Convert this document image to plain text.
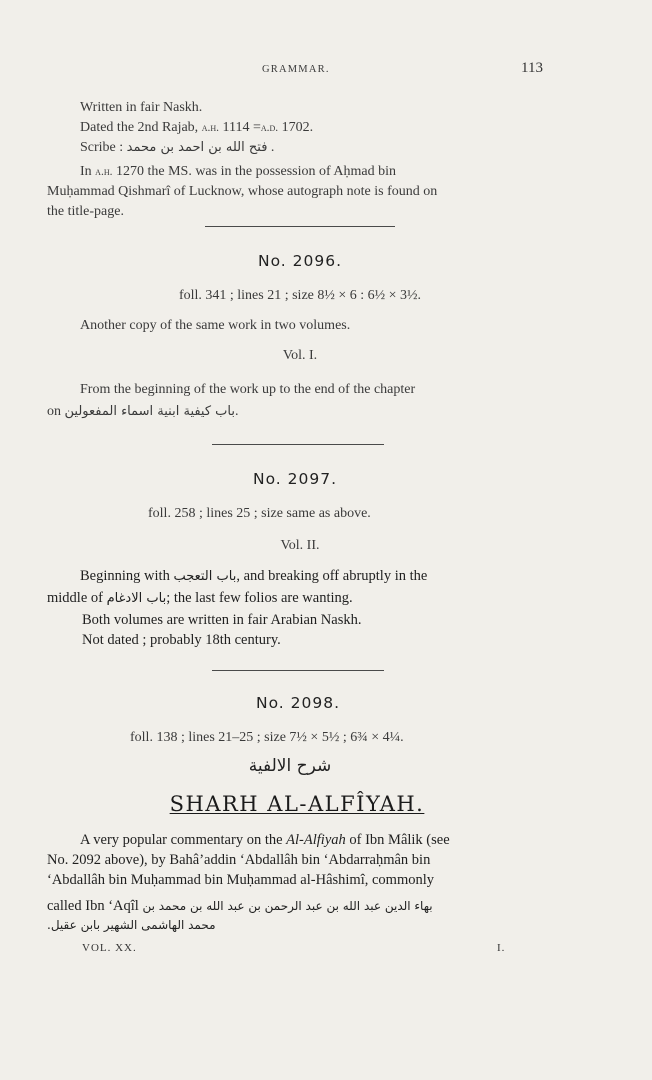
GRAMMAR.	113
Written in fair Naskh.
Dated the 2nd Rajab, a.h. 1114 =a.d. 1702.
Scribe : فتح الله بن احمد بن محمد .
In a.h. 1270 the MS. was in the possession of Aḥmad bin
Muḥammad Qishmarî of Lucknow, whose autograph note is found on
the title-page.
No. 2096.
foll. 341 ; lines 21 ; size 8½ × 6 : 6½ × 3½.
Another copy of the same work in two volumes.
Vol. I.
From the beginning of the work up to the end of the chapter
on باب كيفية ابنية اسماء المفعولين.
No. 2097.
foll. 258 ; lines 25 ; size same as above.
Vol. II.
Beginning with باب التعجب, and breaking off abruptly in the
middle of باب الادغام; the last few folios are wanting.
Both volumes are written in fair Arabian Naskh.
Not dated ; probably 18th century.
No. 2098.
foll. 138 ; lines 21–25 ; size 7½ × 5½ ; 6¾ × 4¼.
شرح الالفية
SHARH AL-ALFÎYAH.
A very popular commentary on the Al-Alfiyah of Ibn Mâlik (see
No. 2092 above), by Bahâ’addin ‘Abdallâh bin ‘Abdarraḥmân bin
‘Abdallâh bin Muḥammad bin Muḥammad al-Hâshimî, commonly
called Ibn ‘Aqîl بهاء الدين عبد الله بن عبد الرحمن بن عبد الله بن محمد بن
محمد الهاشمى الشهير بابن عقيل.
VOL. XX.	I.
